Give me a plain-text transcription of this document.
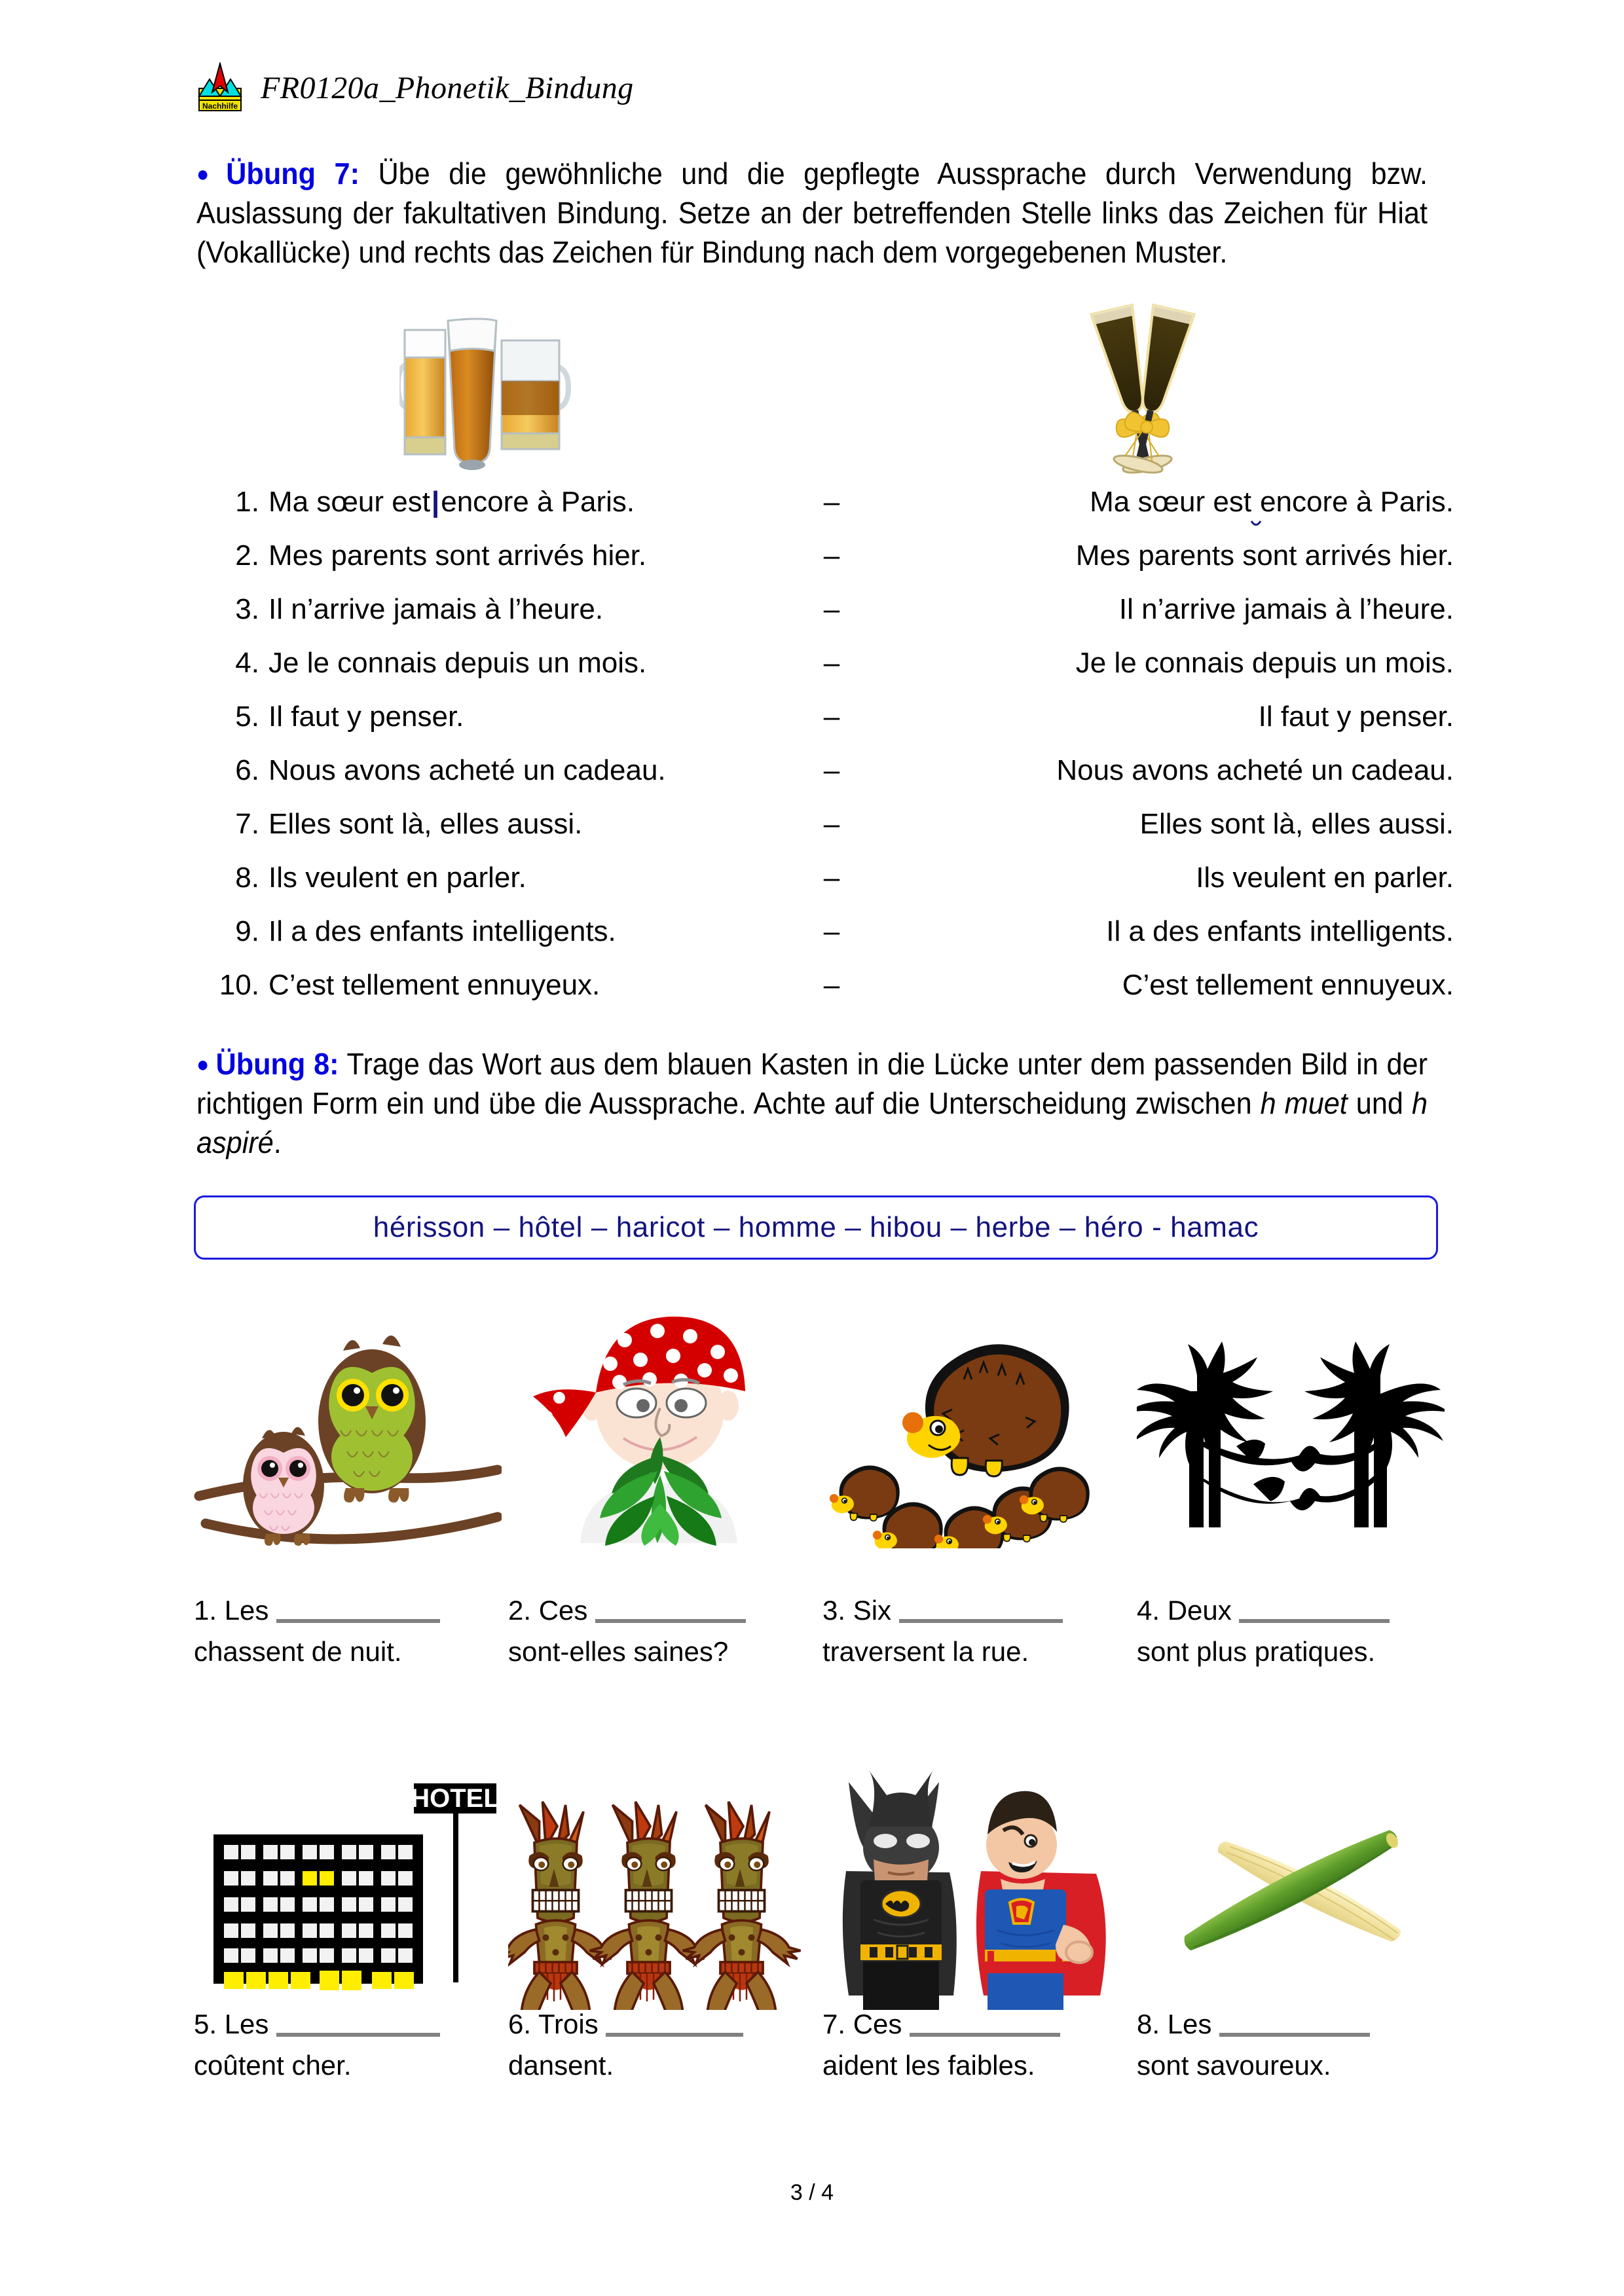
Nachhilfe
FR0120a_Phonetik_Bindung
● Übung 7: Übe die gewöhnliche und die gepflegte Aussprache durch Verwendung bzw. Auslassung der fakultativen Bindung. Setze an der betreffenden Stelle links das Zeichen für Hiat (Vokallücke) und rechts das Zeichen für Bindung nach dem vorgegebenen Muster.
1. Ma sœur est|encore à Paris.	–	Ma sœur est encore à Paris.
2. Mes parents sont arrivés hier.	–	Mes parents sont arrivés hier.
3. Il n’arrive jamais à l’heure.	–	Il n’arrive jamais à l’heure.
4. Je le connais depuis un mois.	–	Je le connais depuis un mois.
5. Il faut y penser.	–	Il faut y penser.
6. Nous avons acheté un cadeau.	–	Nous avons acheté un cadeau.
7. Elles sont là, elles aussi.	–	Elles sont là, elles aussi.
8. Ils veulent en parler.	–	Ils veulent en parler.
9. Il a des enfants intelligents.	–	Il a des enfants intelligents.
10. C’est tellement ennuyeux.	–	C’est tellement ennuyeux.
● Übung 8: Trage das Wort aus dem blauen Kasten in die Lücke unter dem passenden Bild in der richtigen Form ein und übe die Aussprache. Achte auf die Unterscheidung zwischen h muet und h aspiré.
hérisson – hôtel – haricot – homme – hibou – herbe – héro - hamac
1. Les
chassent de nuit.
2. Ces
sont-elles saines?
3. Six
traversent la rue.
4. Deux
sont plus pratiques.
HOTEL
5. Les
coûtent cher.
6. Trois
dansent.
7. Ces
aident les faibles.
8. Les
sont savoureux.
3 / 4
